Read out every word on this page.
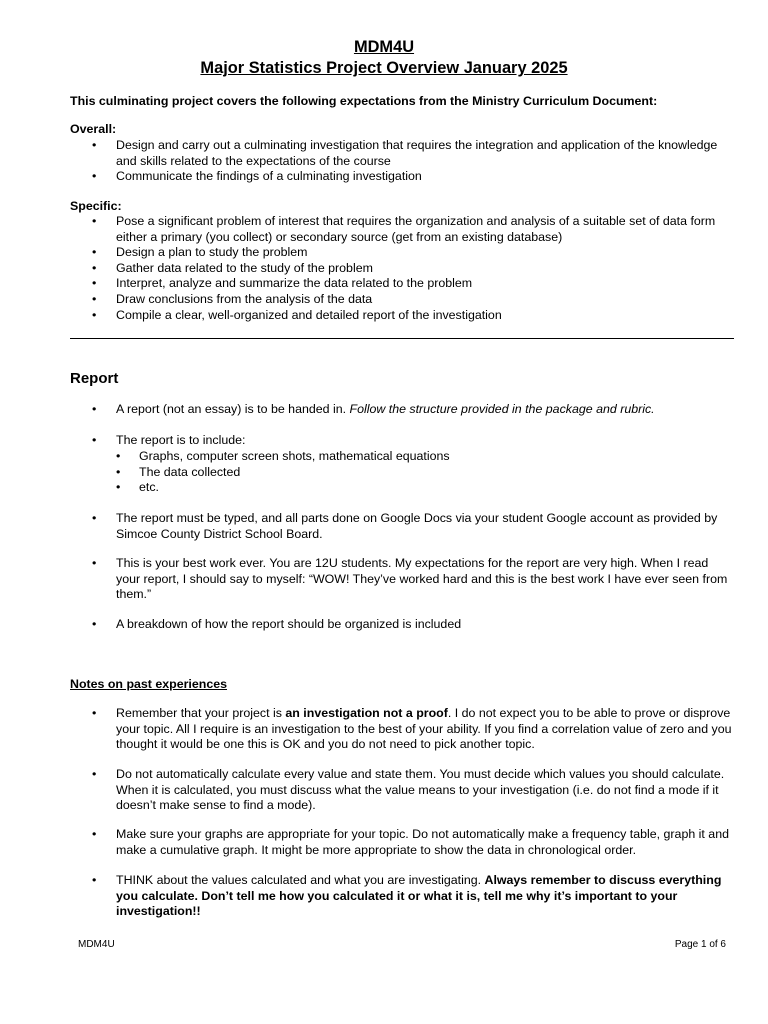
MDM4U
Major Statistics Project Overview January 2025
This culminating project covers the following expectations from the Ministry Curriculum Document:
Overall:
• Design and carry out a culminating investigation that requires the integration and application of the knowledge and skills related to the expectations of the course
• Communicate the findings of a culminating investigation
Specific:
• Pose a significant problem of interest that requires the organization and analysis of a suitable set of data form either a primary (you collect) or secondary source (get from an existing database)
• Design a plan to study the problem
• Gather data related to the study of the problem
• Interpret, analyze and summarize the data related to the problem
• Draw conclusions from the analysis of the data
• Compile a clear, well-organized and detailed report of the investigation
Report
• A report (not an essay) is to be handed in. Follow the structure provided in the package and rubric.
• The report is to include:
• Graphs, computer screen shots, mathematical equations
• The data collected
• etc.
• The report must be typed, and all parts done on Google Docs via your student Google account as provided by Simcoe County District School Board.
• This is your best work ever. You are 12U students. My expectations for the report are very high. When I read your report, I should say to myself: “WOW! They’ve worked hard and this is the best work I have ever seen from them.”
• A breakdown of how the report should be organized is included
Notes on past experiences
• Remember that your project is an investigation not a proof. I do not expect you to be able to prove or disprove your topic. All I require is an investigation to the best of your ability. If you find a correlation value of zero and you thought it would be one this is OK and you do not need to pick another topic.
• Do not automatically calculate every value and state them. You must decide which values you should calculate. When it is calculated, you must discuss what the value means to your investigation (i.e. do not find a mode if it doesn’t make sense to find a mode).
• Make sure your graphs are appropriate for your topic. Do not automatically make a frequency table, graph it and make a cumulative graph. It might be more appropriate to show the data in chronological order.
• THINK about the values calculated and what you are investigating. Always remember to discuss everything you calculate. Don’t tell me how you calculated it or what it is, tell me why it’s important to your investigation!!
MDM4U	Page 1 of 6
